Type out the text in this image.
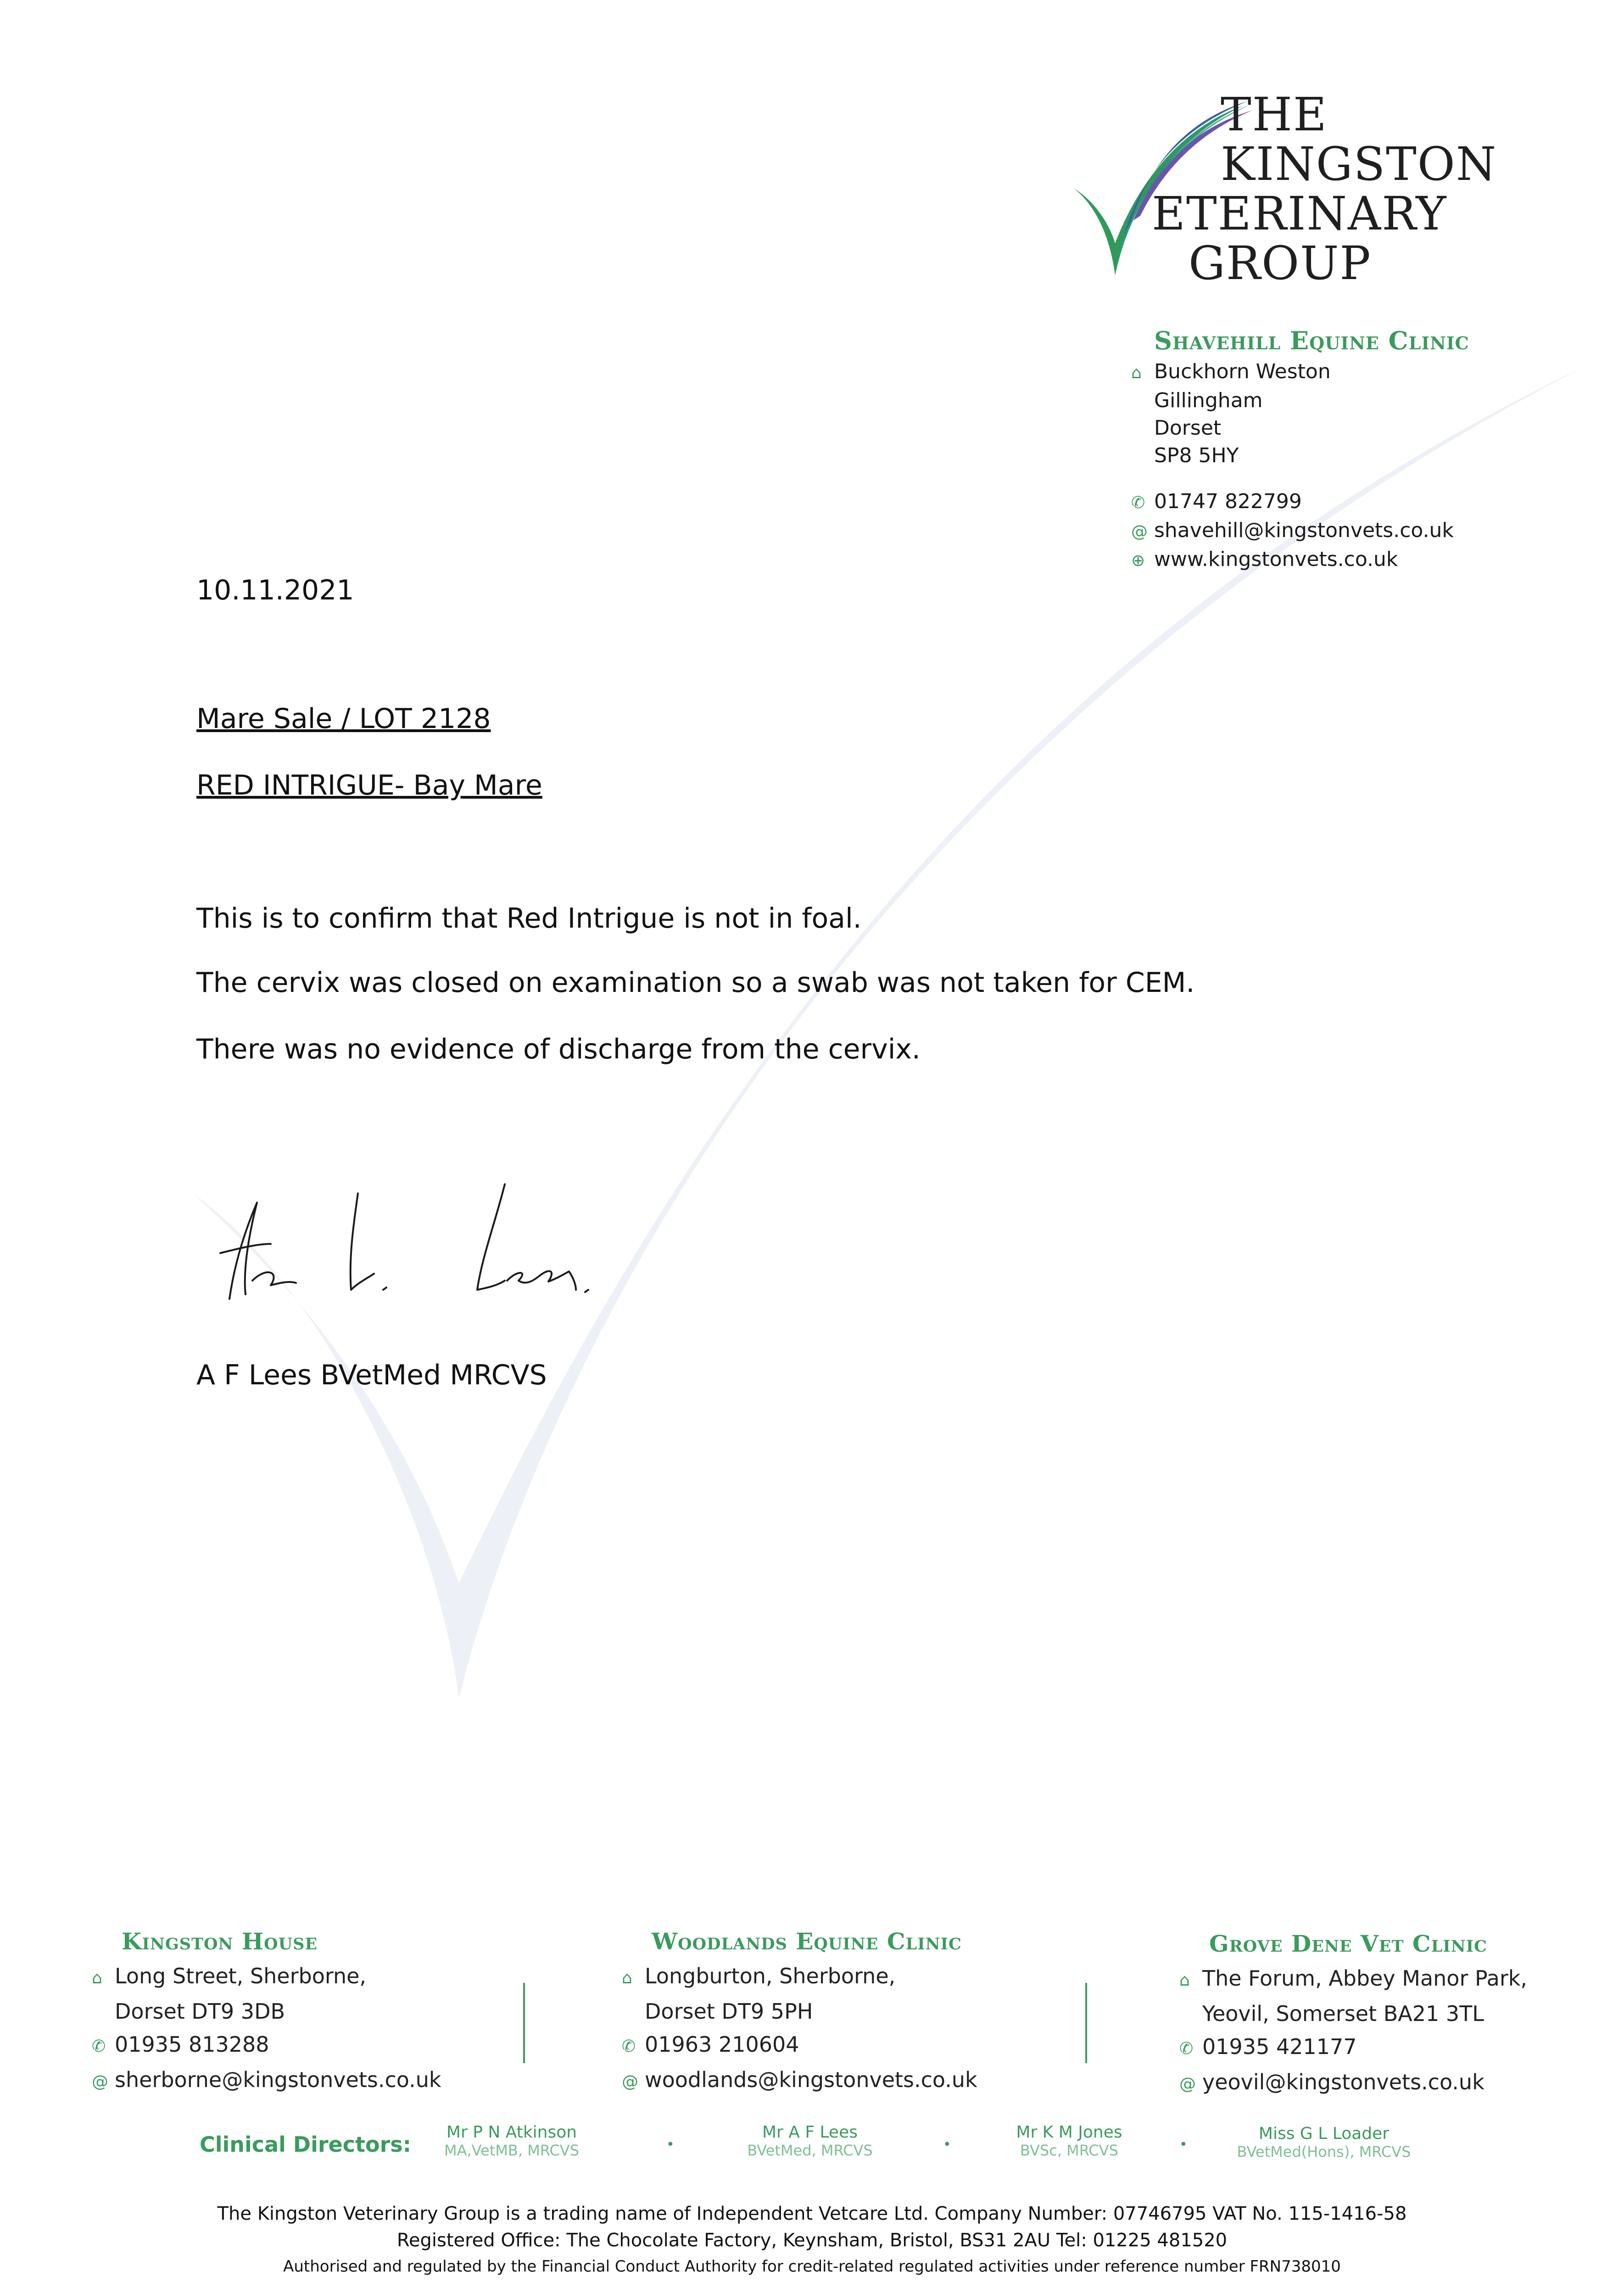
THE
KINGSTON
ETERINARY
GROUP
Shavehill Equine Clinic
⌂ Buckhorn Weston
Gillingham
Dorset
SP8 5HY
✆ 01747 822799
@ shavehill@kingstonvets.co.uk
⊕ www.kingstonvets.co.uk
10.11.2021
Mare Sale / LOT 2128
RED INTRIGUE- Bay Mare
This is to confirm that Red Intrigue is not in foal.
The cervix was closed on examination so a swab was not taken for CEM.
There was no evidence of discharge from the cervix.
A F Lees BVetMed MRCVS
Kingston House
⌂ Long Street, Sherborne,
Dorset DT9 3DB
✆ 01935 813288
@ sherborne@kingstonvets.co.uk
Woodlands Equine Clinic
⌂ Longburton, Sherborne,
Dorset DT9 5PH
✆ 01963 210604
@ woodlands@kingstonvets.co.uk
Grove Dene Vet Clinic
⌂ The Forum, Abbey Manor Park,
Yeovil, Somerset BA21 3TL
✆ 01935 421177
@ yeovil@kingstonvets.co.uk
Clinical Directors:	Mr P N Atkinson
MA,VetMB, MRCVS	•
Mr A F Lees
BVetMed, MRCVS	•
Mr K M Jones
BVSc, MRCVS	•
Miss G L Loader
BVetMed(Hons), MRCVS
The Kingston Veterinary Group is a trading name of Independent Vetcare Ltd. Company Number: 07746795 VAT No. 115-1416-58
Registered Office: The Chocolate Factory, Keynsham, Bristol, BS31 2AU Tel: 01225 481520
Authorised and regulated by the Financial Conduct Authority for credit-related regulated activities under reference number FRN738010
